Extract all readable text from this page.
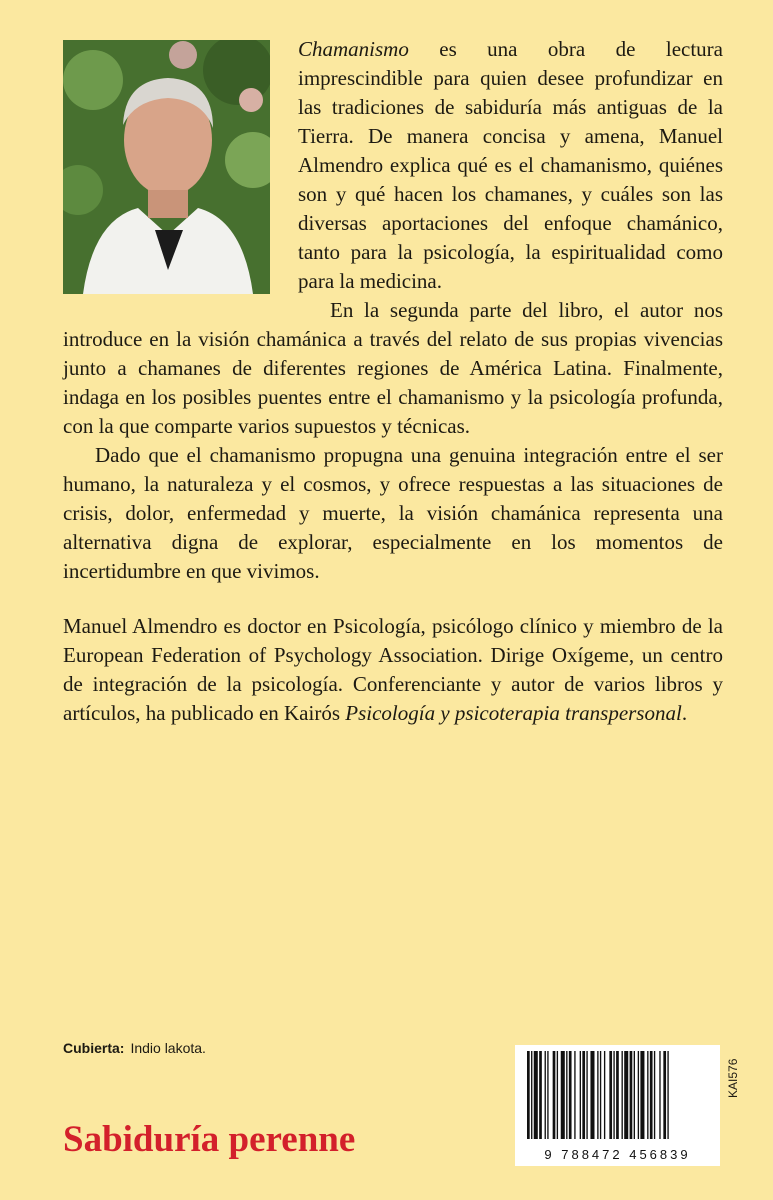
Chamanismo es una obra de lectura imprescindible para quien desee profundizar en las tradiciones de sabiduría más antiguas de la Tierra. De manera concisa y amena, Manuel Almendro explica qué es el chamanismo, quiénes son y qué hacen los chamanes, y cuáles son las diversas aportaciones del enfoque chamánico, tanto para la psicología, la espiritualidad como para la medicina.

En la segunda parte del libro, el autor nos introduce en la visión chamánica a través del relato de sus propias vivencias junto a chamanes de diferentes regiones de América Latina. Finalmente, indaga en los posibles puentes entre el chamanismo y la psicología profunda, con la que comparte varios supuestos y técnicas.

Dado que el chamanismo propugna una genuina integración entre el ser humano, la naturaleza y el cosmos, y ofrece respuestas a las situaciones de crisis, dolor, enfermedad y muerte, la visión chamánica representa una alternativa digna de explorar, especialmente en los momentos de incertidumbre en que vivimos.

Manuel Almendro es doctor en Psicología, psicólogo clínico y miembro de la European Federation of Psychology Association. Dirige Oxígeme, un centro de integración de la psicología. Conferenciante y autor de varios libros y artículos, ha publicado en Kairós Psicología y psicoterapia transpersonal.

Cubierta: Indio lakota.
Sabiduría perenne	9 788472 456839
KAI576
